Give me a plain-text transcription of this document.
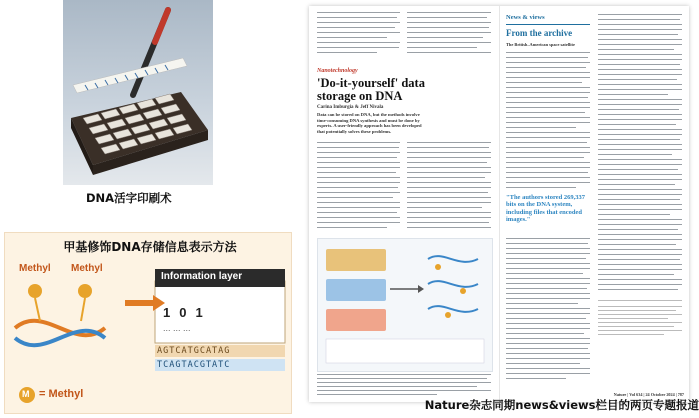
DNA活字印刷术
Methyl Methyl
Information layer
101
... ... ...
AGTCATGCATAG
TCAGTACGTATC
M = Methyl
甲基修饰DNA存储信息表示方法
Nanotechnology
'Do-it-yourself' data storage on DNA
Carina Imburgia & Jeff Nivala
Data can be stored on DNA, but the methods involve time-consuming DNA synthesis and must be done by experts. A user-friendly approach has been developed that potentially solves these problems.
News & views
From the archive
The British–American space satellite
"The authors stored 269,337 bits on the DNA system, including files that encoded images."
Nature | Vol 634 | 24 October 2024 | 787
Nature杂志同期news&views栏目的两页专题报道
